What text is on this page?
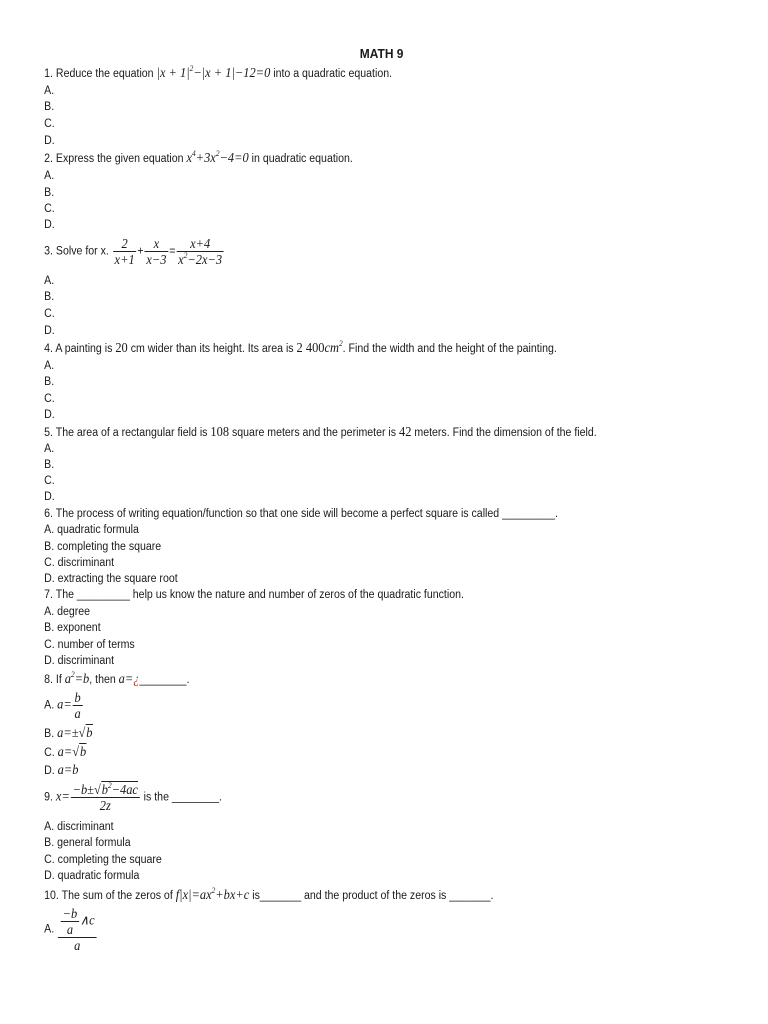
MATH 9
1. Reduce the equation $|x + 1|^2-|x + 1|-12=0$ into a quadratic equation.
A.
B.
C.
D.
2. Express the given equation $x^4+3x^2-4=0$ in quadratic equation.
A.
B.
C.
D.
3. Solve for x. $\frac{2}{x+1} + \frac{x}{x-3} = \frac{x+4}{x^2-2x-3}$
A.
B.
C.
D.
4. A painting is 20 cm wider than its height. Its area is 2 $400cm^2$. Find the width and the height of the painting.
A.
B.
C.
D.
5. The area of a rectangular field is 108 square meters and the perimeter is 42 meters. Find the dimension of the field.
A.
B.
C.
D.
6. The process of writing equation/function so that one side will become a perfect square is called _________.
A. quadratic formula
B. completing the square
C. discriminant
D. extracting the square root
7. The _________ help us know the nature and number of zeros of the quadratic function.
A. degree
B. exponent
C. number of terms
D. discriminant
8. If $a^2=b$, then a=¿________.
A. $a= \frac{b}{a}$
B. a=±√b
C. a=√b
D. a=b
9. $x= \frac{-b\pm√b^2-4ac}{2z}$ is the ________.
A. discriminant
B. general formula
C. completing the square
D. quadratic formula
10. The sum of the zeros of $f|x|=ax^2+bx+c$ is_______ and the product of the zeros is _______.
A. $\frac{\frac{-b}{a} \wedge c}{a}$
